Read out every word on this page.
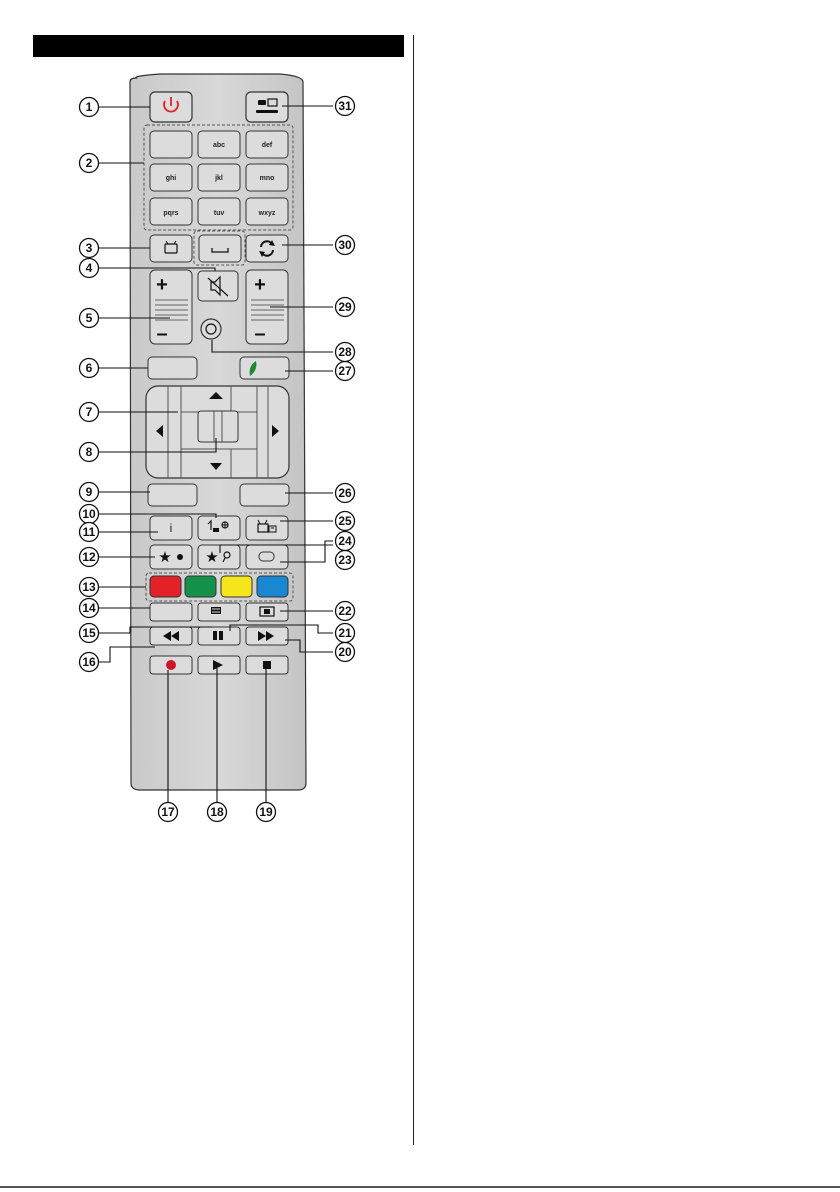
abc	def
ghi	jkl	mno
pqrs	tuv	wxyz
+
–
+
–
i
★ ★
1
2
3
4
5
6
7
8
9
10
11
12
13
14
15
16
17	18	19
20
21
22
23
24
25
26
27
28
29
30
31
